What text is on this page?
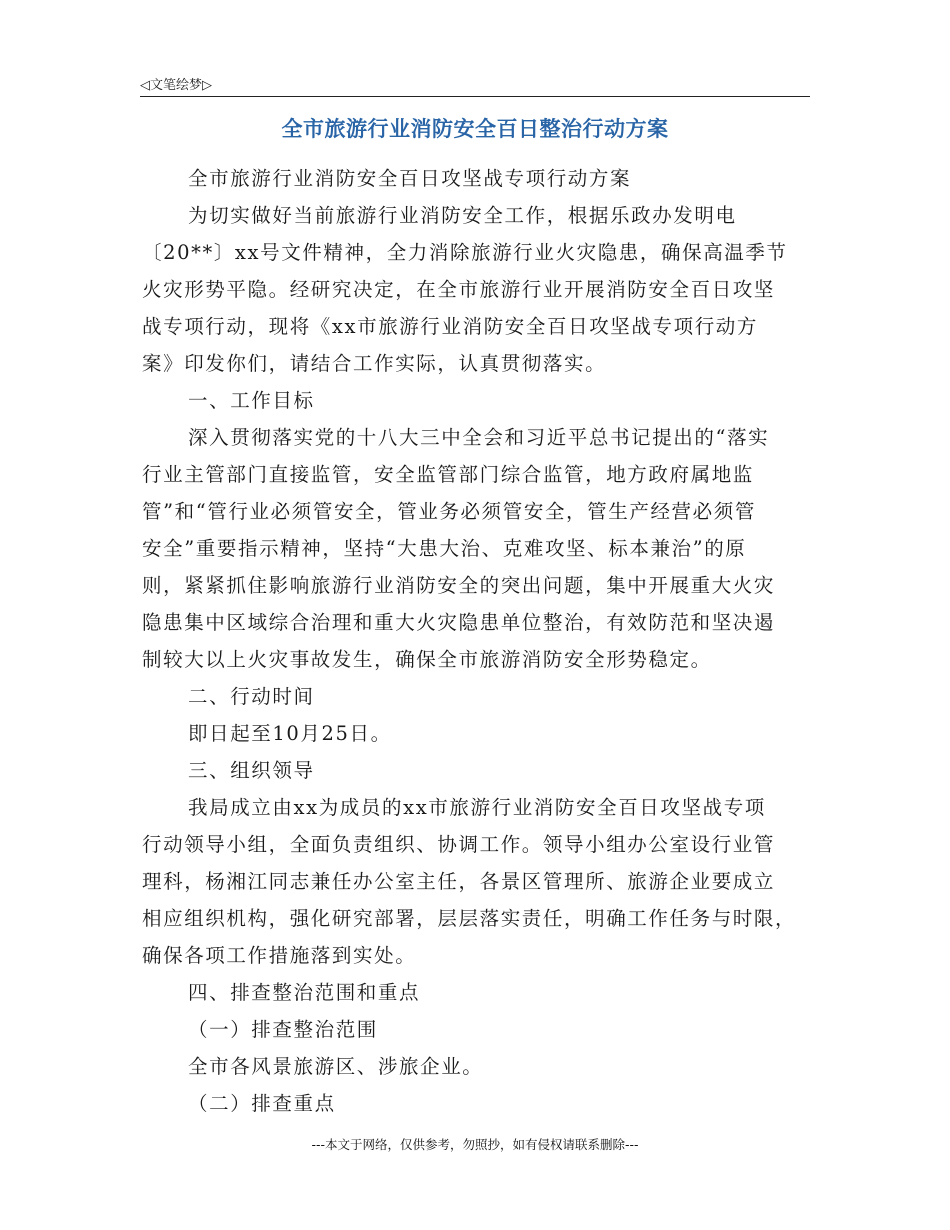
◁文笔绘梦▷
全市旅游行业消防安全百日整治行动方案
全市旅游行业消防安全百日攻坚战专项行动方案
为切实做好当前旅游行业消防安全工作，根据乐政办发明电
〔20**〕xx号文件精神，全力消除旅游行业火灾隐患，确保高温季节
火灾形势平隐。经研究决定，在全市旅游行业开展消防安全百日攻坚
战专项行动，现将《xx市旅游行业消防安全百日攻坚战专项行动方
案》印发你们，请结合工作实际，认真贯彻落实。
一、工作目标
深入贯彻落实党的十八大三中全会和习近平总书记提出的“落实
行业主管部门直接监管，安全监管部门综合监管，地方政府属地监
管”和“管行业必须管安全，管业务必须管安全，管生产经营必须管
安全”重要指示精神，坚持“大患大治、克难攻坚、标本兼治”的原
则，紧紧抓住影响旅游行业消防安全的突出问题，集中开展重大火灾
隐患集中区域综合治理和重大火灾隐患单位整治，有效防范和坚决遏
制较大以上火灾事故发生，确保全市旅游消防安全形势稳定。
二、行动时间
即日起至10月25日。
三、组织领导
我局成立由xx为成员的xx市旅游行业消防安全百日攻坚战专项
行动领导小组，全面负责组织、协调工作。领导小组办公室设行业管
理科，杨湘江同志兼任办公室主任，各景区管理所、旅游企业要成立
相应组织机构，强化研究部署，层层落实责任，明确工作任务与时限，
确保各项工作措施落到实处。
四、排查整治范围和重点
（一）排查整治范围
全市各风景旅游区、涉旅企业。
（二）排查重点
---本文于网络，仅供参考，勿照抄，如有侵权请联系删除---
